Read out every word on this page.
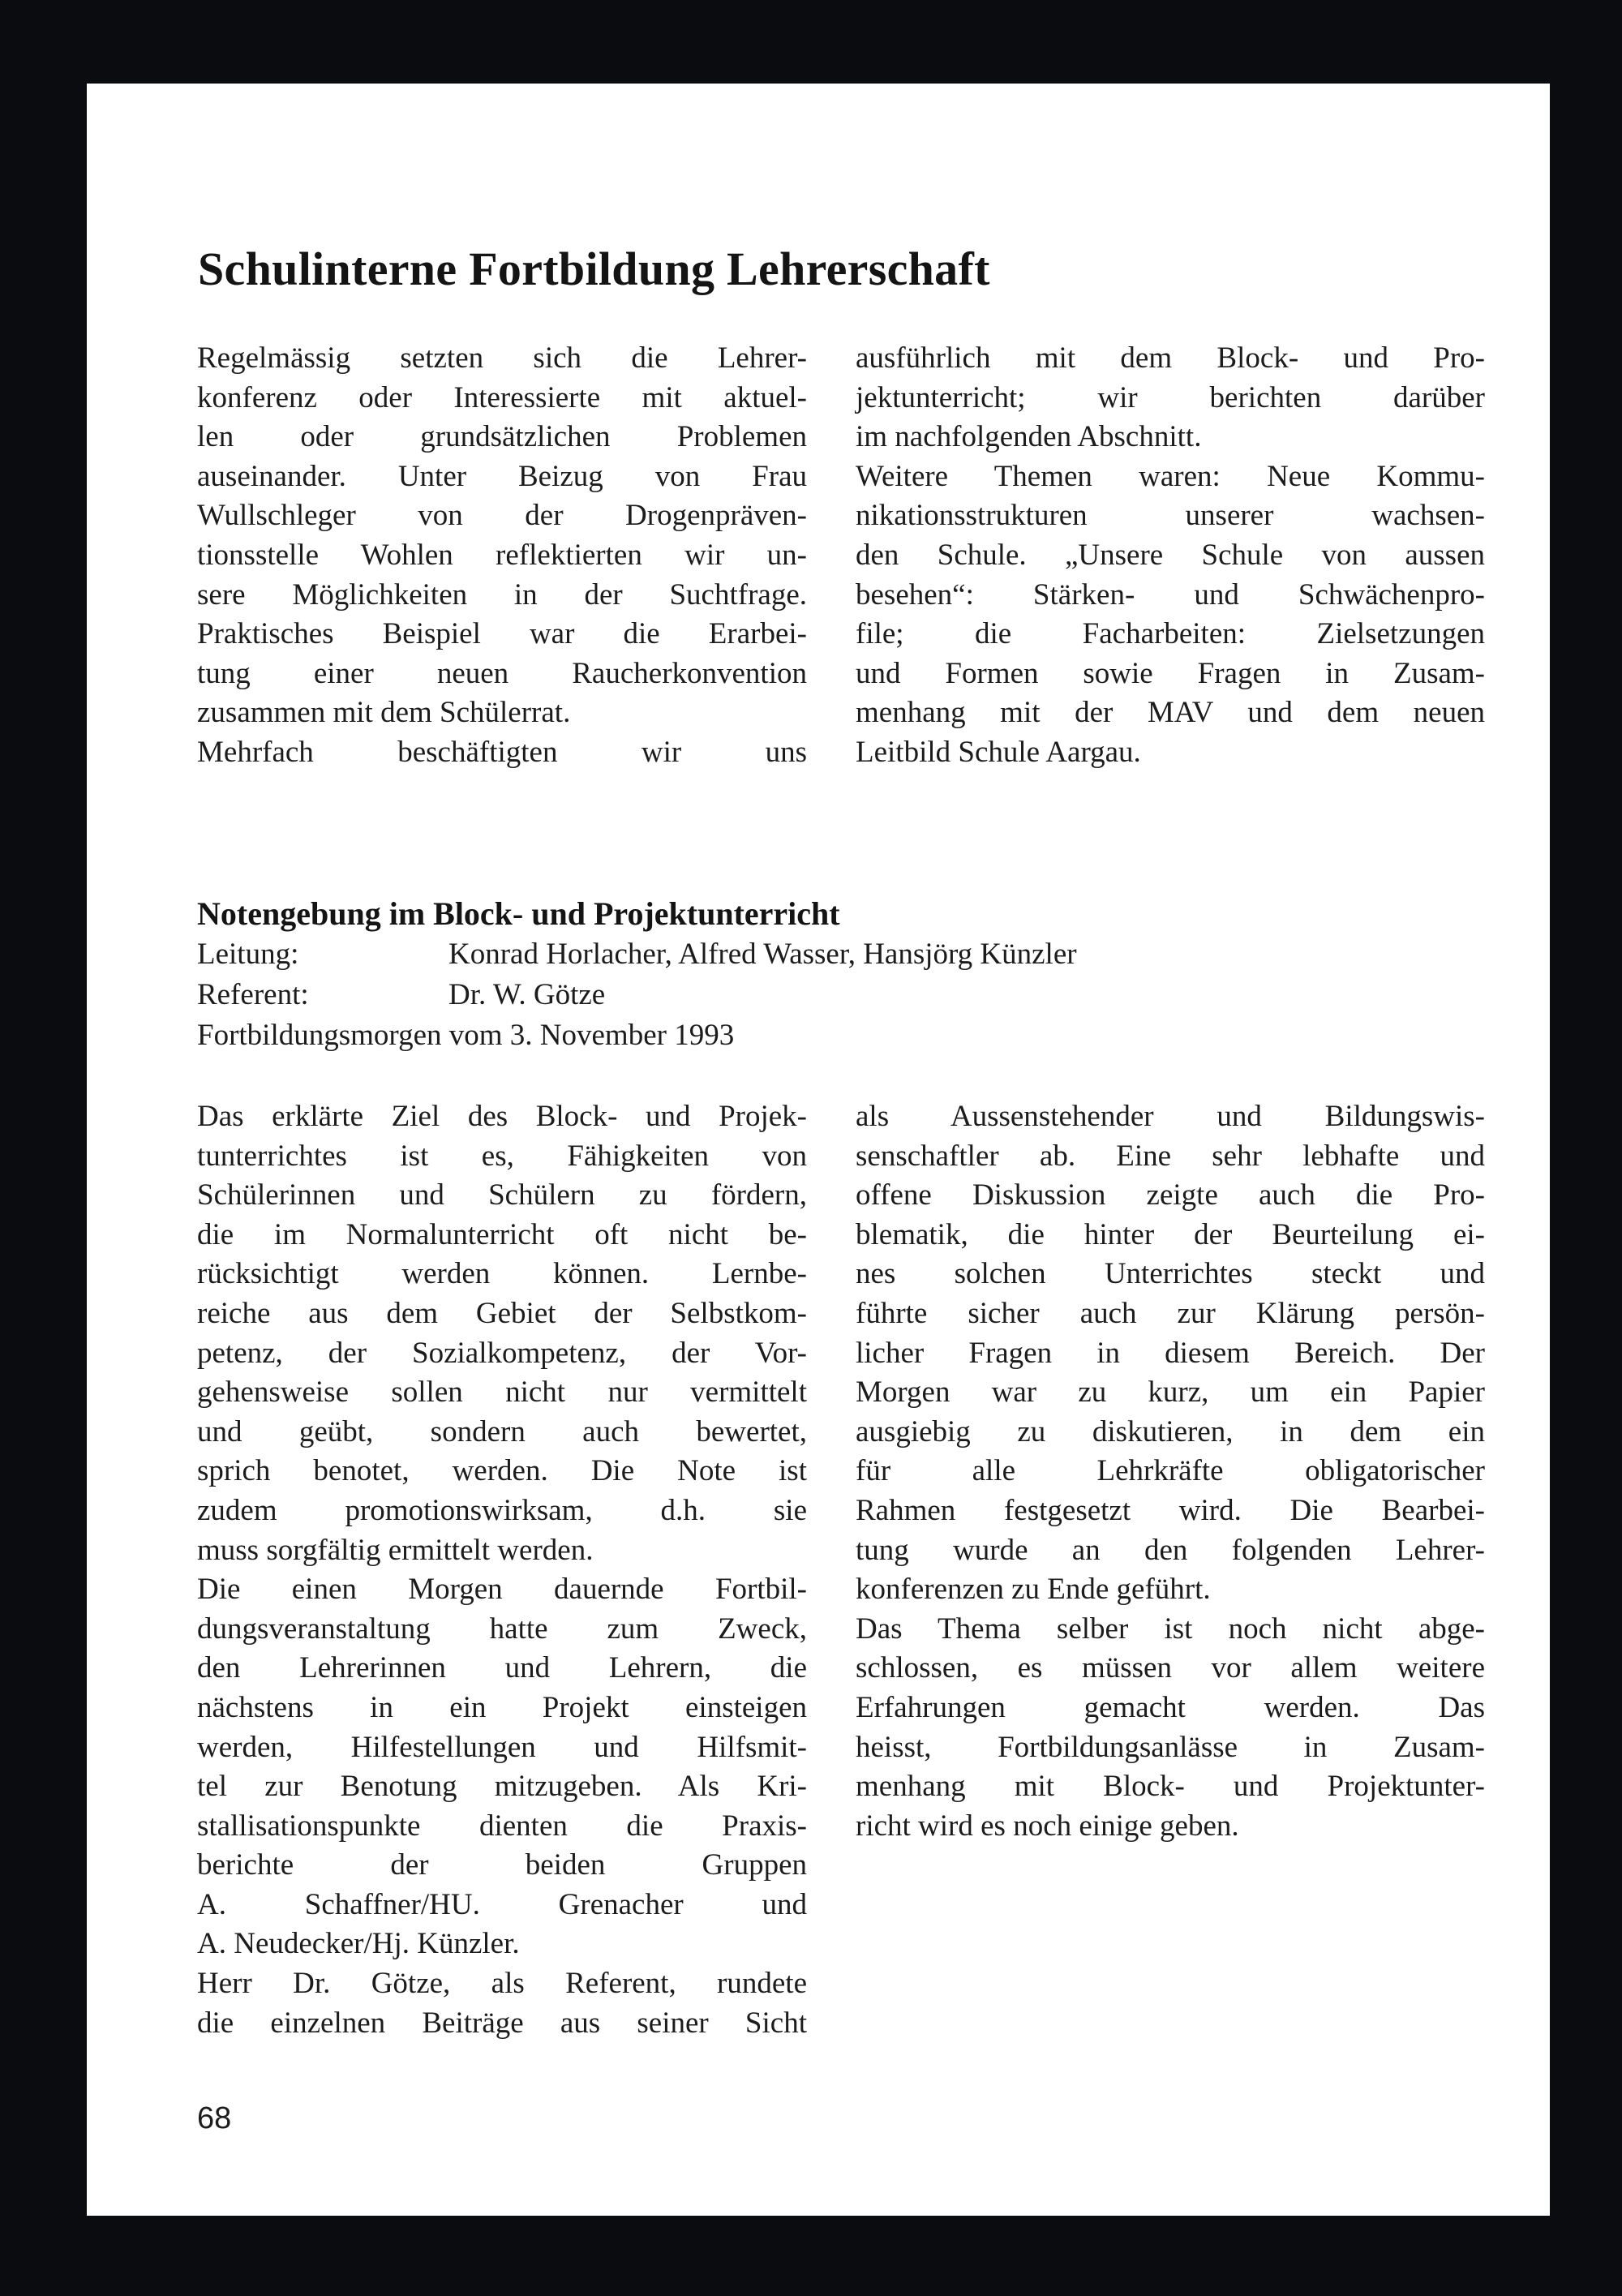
Schulinterne Fortbildung Lehrerschaft
Regelmässig setzten sich die Lehrer-
konferenz oder Interessierte mit aktuel-
len oder grundsätzlichen Problemen
auseinander. Unter Beizug von Frau
Wullschleger von der Drogenpräven-
tionsstelle Wohlen reflektierten wir un-
sere Möglichkeiten in der Suchtfrage.
Praktisches Beispiel war die Erarbei-
tung einer neuen Raucherkonvention
zusammen mit dem Schülerrat.
Mehrfach beschäftigten wir uns
ausführlich mit dem Block- und Pro-
jektunterricht; wir berichten darüber
im nachfolgenden Abschnitt.
Weitere Themen waren: Neue Kommu-
nikationsstrukturen unserer wachsen-
den Schule. „Unsere Schule von aussen
besehen“: Stärken- und Schwächenpro-
file; die Facharbeiten: Zielsetzungen
und Formen sowie Fragen in Zusam-
menhang mit der MAV und dem neuen
Leitbild Schule Aargau.
Notengebung im Block- und Projektunterricht
Leitung:	Konrad Horlacher, Alfred Wasser, Hansjörg Künzler
Referent:	Dr. W. Götze
Fortbildungsmorgen vom 3. November 1993
Das erklärte Ziel des Block- und Projek-
tunterrichtes ist es, Fähigkeiten von
Schülerinnen und Schülern zu fördern,
die im Normalunterricht oft nicht be-
rücksichtigt werden können. Lernbe-
reiche aus dem Gebiet der Selbstkom-
petenz, der Sozialkompetenz, der Vor-
gehensweise sollen nicht nur vermittelt
und geübt, sondern auch bewertet,
sprich benotet, werden. Die Note ist
zudem promotionswirksam, d.h. sie
muss sorgfältig ermittelt werden.
Die einen Morgen dauernde Fortbil-
dungsveranstaltung hatte zum Zweck,
den Lehrerinnen und Lehrern, die
nächstens in ein Projekt einsteigen
werden, Hilfestellungen und Hilfsmit-
tel zur Benotung mitzugeben. Als Kri-
stallisationspunkte dienten die Praxis-
berichte der beiden Gruppen
A. Schaffner/HU. Grenacher und
A. Neudecker/Hj. Künzler.
Herr Dr. Götze, als Referent, rundete
die einzelnen Beiträge aus seiner Sicht
als Aussenstehender und Bildungswis-
senschaftler ab. Eine sehr lebhafte und
offene Diskussion zeigte auch die Pro-
blematik, die hinter der Beurteilung ei-
nes solchen Unterrichtes steckt und
führte sicher auch zur Klärung persön-
licher Fragen in diesem Bereich. Der
Morgen war zu kurz, um ein Papier
ausgiebig zu diskutieren, in dem ein
für alle Lehrkräfte obligatorischer
Rahmen festgesetzt wird. Die Bearbei-
tung wurde an den folgenden Lehrer-
konferenzen zu Ende geführt.
Das Thema selber ist noch nicht abge-
schlossen, es müssen vor allem weitere
Erfahrungen gemacht werden. Das
heisst, Fortbildungsanlässe in Zusam-
menhang mit Block- und Projektunter-
richt wird es noch einige geben.
68
